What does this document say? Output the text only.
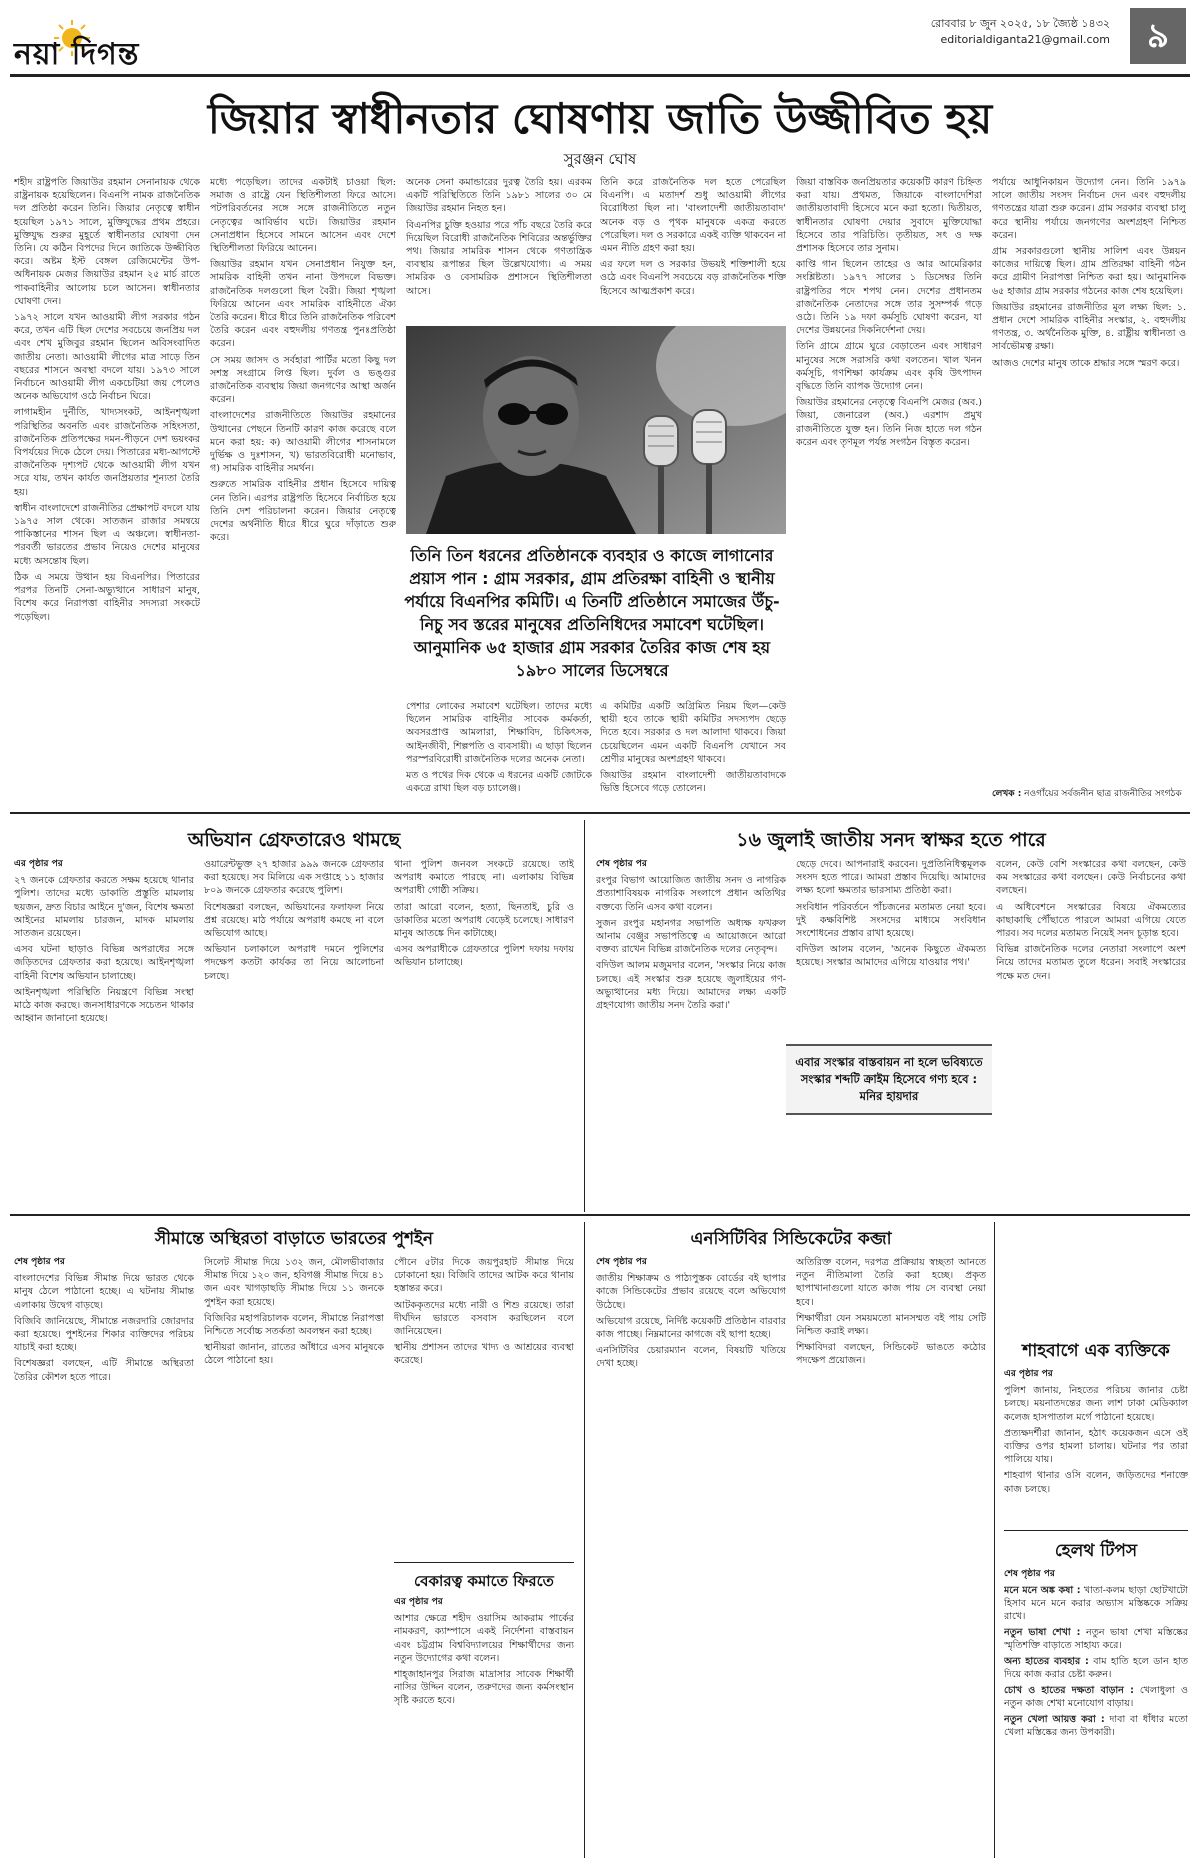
নয়া দিগন্ত
রোববার ৮ জুন ২০২৫, ১৮ জ্যৈষ্ঠ ১৪৩২
editorialdiganta21@gmail.com	৯
জিয়ার স্বাধীনতার ঘোষণায় জাতি উজ্জীবিত হয়
সুরঞ্জন ঘোষ

শহীদ রাষ্ট্রপতি জিয়াউর রহমান সেনানায়ক থেকে রাষ্ট্রনায়ক হয়েছিলেন। বিএনপি নামক রাজনৈতিক দল প্রতিষ্ঠা করেন তিনি। জিয়ার নেতৃত্বে স্বাধীন হয়েছিল ১৯৭১ সালে, মুক্তিযুদ্ধের প্রথম প্রহরে। মুক্তিযুদ্ধ শুরুর মুহূর্তে স্বাধীনতার ঘোষণা দেন তিনি। যে কঠিন বিপদের দিনে জাতিকে উজ্জীবিত করে। অষ্টম ইস্ট বেঙ্গল রেজিমেন্টের উপ-অধিনায়ক মেজর জিয়াউর রহমান ২৫ মার্চ রাতে পাকবাহিনীর আলোয় চলে আসেন। স্বাধীনতার ঘোষণা দেন।

১৯৭২ সালে যখন আওয়ামী লীগ সরকার গঠন করে, তখন এটি ছিল দেশের সবচেয়ে জনপ্রিয় দল এবং শেখ মুজিবুর রহমান ছিলেন অবিসংবাদিত জাতীয় নেতা। আওয়ামী লীগের মাত্র সাড়ে তিন বছরের শাসনে অবস্থা বদলে যায়। ১৯৭৩ সালে নির্বাচনে আওয়ামী লীগ একচেটিয়া জয় পেলেও অনেক অভিযোগ ওঠে নির্বাচন ঘিরে।

লাগামহীন দুর্নীতি, খাদ্যসংকট, আইনশৃঙ্খলা পরিস্থিতির অবনতি এবং রাজনৈতিক সহিংসতা, রাজনৈতিক প্রতিপক্ষের দমন-পীড়নে দেশ ভয়ংকর বিপর্যয়ের দিকে ঠেলে দেয়। পিতারের মধ্য-আগস্টে রাজনৈতিক দৃশ্যপট থেকে আওয়ামী লীগ যখন সরে যায়, তখন কার্যত জনপ্রিয়তার শূন্যতা তৈরি হয়।

স্বাধীন বাংলাদেশে রাজনীতির প্রেক্ষাপট বদলে যায় ১৯৭৫ সাল থেকে। সাতজন রাজার সমন্বয়ে পাকিস্তানের শাসন ছিল এ অঞ্চলে। স্বাধীনতা-পরবর্তী ভারতের প্রভাব নিয়েও দেশের মানুষের মধ্যে অসন্তোষ ছিল।

ঠিক এ সময়ে উত্থান হয় বিএনপির। পিতারের পরপর তিনটি সেনা-অভ্যুত্থানে সাধারণ মানুষ, বিশেষ করে নিরাপত্তা বাহিনীর সদস্যরা সংকটে পড়েছিল।

মধ্যে পড়েছিল। তাদের একটাই চাওয়া ছিল: সমাজ ও রাষ্ট্রে যেন স্থিতিশীলতা ফিরে আসে। পটপরিবর্তনের সঙ্গে সঙ্গে রাজনীতিতে নতুন নেতৃত্বের আবির্ভাব ঘটে। জিয়াউর রহমান সেনাপ্রধান হিসেবে সামনে আসেন এবং দেশে স্থিতিশীলতা ফিরিয়ে আনেন।

জিয়াউর রহমান যখন সেনাপ্রধান নিযুক্ত হন, সামরিক বাহিনী তখন নানা উপদলে বিভক্ত। রাজনৈতিক দলগুলো ছিল বৈরী। জিয়া শৃঙ্খলা ফিরিয়ে আনেন এবং সামরিক বাহিনীতে ঐক্য তৈরি করেন। ধীরে ধীরে তিনি রাজনৈতিক পরিবেশ তৈরি করেন এবং বহুদলীয় গণতন্ত্র পুনঃপ্রতিষ্ঠা করেন।

সে সময় জাসদ ও সর্বহারা পার্টির মতো কিছু দল সশস্ত্র সংগ্রামে লিপ্ত ছিল। দুর্বল ও ভঙ্গুর রাজনৈতিক ব্যবস্থায় জিয়া জনগণের আস্থা অর্জন করেন।

বাংলাদেশের রাজনীতিতে জিয়াউর রহমানের উত্থানের পেছনে তিনটি কারণ কাজ করেছে বলে মনে করা হয়: ক) আওয়ামী লীগের শাসনামলে দুর্ভিক্ষ ও দুঃশাসন, খ) ভারতবিরোধী মনোভাব, গ) সামরিক বাহিনীর সমর্থন।

শুরুতে সামরিক বাহিনীর প্রধান হিসেবে দায়িত্ব নেন তিনি। এরপর রাষ্ট্রপতি হিসেবে নির্বাচিত হয়ে তিনি দেশ পরিচালনা করেন। জিয়ার নেতৃত্বে দেশের অর্থনীতি ধীরে ধীরে ঘুরে দাঁড়াতে শুরু করে।

অনেক সেনা কমান্ডারের দুরত্ব তৈরি হয়। এরকম একটি পরিস্থিতিতে তিনি ১৯৮১ সালের ৩০ মে জিয়াউর রহমান নিহত হন।

বিএনপির চুক্তি হওয়ার পরে পাঁচ বছরে তৈরি করে দিয়েছিল বিরোধী রাজনৈতিক শিবিরের অন্তর্ভুক্তির পথ। জিয়ার সামরিক শাসন থেকে গণতান্ত্রিক ব্যবস্থায় রূপান্তর ছিল উল্লেখযোগ্য। এ সময় সামরিক ও বেসামরিক প্রশাসনে স্থিতিশীলতা আসে।

তিনি করে রাজনৈতিক দল হতে পেরেছিল বিএনপি। এ মতাদর্শ শুধু আওয়ামী লীগের বিরোধিতা ছিল না। 'বাংলাদেশী জাতীয়তাবাদ' অনেক বড় ও পৃথক মানুষকে একত্র করতে পেরেছিল। দল ও সরকারে একই ব্যক্তি থাকবেন না এমন নীতি গ্রহণ করা হয়।

এর ফলে দল ও সরকার উভয়ই শক্তিশালী হয়ে ওঠে এবং বিএনপি সবচেয়ে বড় রাজনৈতিক শক্তি হিসেবে আত্মপ্রকাশ করে।

তিনি তিন ধরনের প্রতিষ্ঠানকে ব্যবহার ও কাজে লাগানোর প্রয়াস পান : গ্রাম সরকার, গ্রাম প্রতিরক্ষা বাহিনী ও স্থানীয় পর্যায়ে বিএনপির কমিটি। এ তিনটি প্রতিষ্ঠানে সমাজের উঁচু-নিচু সব স্তরের মানুষের প্রতিনিধিদের সমাবেশ ঘটেছিল। আনুমানিক ৬৫ হাজার গ্রাম সরকার তৈরির কাজ শেষ হয় ১৯৮০ সালের ডিসেম্বরে

পেশার লোকের সমাবেশ ঘটেছিল। তাদের মধ্যে ছিলেন সামরিক বাহিনীর সাবেক কর্মকর্তা, অবসরপ্রাপ্ত আমলারা, শিক্ষাবিদ, চিকিৎসক, আইনজীবী, শিল্পপতি ও ব্যবসায়ী। এ ছাড়া ছিলেন পরস্পরবিরোধী রাজনৈতিক দলের অনেক নেতা।

মত ও পথের দিক থেকে এ ধরনের একটি জোটকে একত্রে রাখা ছিল বড় চ্যালেঞ্জ।

এ কমিটির একটি অগ্রিমিত নিয়ম ছিল—কেউ স্থায়ী হবে তাকে স্থায়ী কমিটির সদস্যপদ ছেড়ে দিতে হবে। সরকার ও দল আলাদা থাকবে। জিয়া চেয়েছিলেন এমন একটি বিএনপি যেখানে সব শ্রেণীর মানুষের অংশগ্রহণ থাকবে।

জিয়াউর রহমান বাংলাদেশী জাতীয়তাবাদকে ভিত্তি হিসেবে গড়ে তোলেন।

জিয়া বাস্তবিক জনপ্রিয়তার কয়েকটি কারণ চিহ্নিত করা যায়। প্রথমত, জিয়াকে বাংলাদেশিরা জাতীয়তাবাদী হিসেবে মনে করা হতো। দ্বিতীয়ত, স্বাধীনতার ঘোষণা দেয়ার সুবাদে মুক্তিযোদ্ধা হিসেবে তার পরিচিতি। তৃতীয়ত, সৎ ও দক্ষ প্রশাসক হিসেবে তার সুনাম।

কাপ্তি গান ছিলেন তাহের ও আর আমেরিকার সংশ্লিষ্টতা। ১৯৭৭ সালের ১ ডিসেম্বর তিনি রাষ্ট্রপতির পদে শপথ নেন। দেশের প্রধানতম রাজনৈতিক নেতাদের সঙ্গে তার সুসম্পর্ক গড়ে ওঠে। তিনি ১৯ দফা কর্মসূচি ঘোষণা করেন, যা দেশের উন্নয়নের দিকনির্দেশনা দেয়।

তিনি গ্রামে গ্রামে ঘুরে বেড়াতেন এবং সাধারণ মানুষের সঙ্গে সরাসরি কথা বলতেন। খাল খনন কর্মসূচি, গণশিক্ষা কার্যক্রম এবং কৃষি উৎপাদন বৃদ্ধিতে তিনি ব্যাপক উদ্যোগ নেন।

জিয়াউর রহমানের নেতৃত্বে বিএনপি মেজর (অব.) জিয়া, জেনারেল (অব.) এরশাদ প্রমুখ রাজনীতিতে যুক্ত হন। তিনি নিজ হাতে দল গঠন করেন এবং তৃণমূল পর্যন্ত সংগঠন বিস্তৃত করেন।

পর্যায়ে আধুনিকায়ন উদ্যোগ নেন। তিনি ১৯৭৯ সালে জাতীয় সংসদ নির্বাচন দেন এবং বহুদলীয় গণতন্ত্রের যাত্রা শুরু করেন। গ্রাম সরকার ব্যবস্থা চালু করে স্থানীয় পর্যায়ে জনগণের অংশগ্রহণ নিশ্চিত করেন।

গ্রাম সরকারগুলো স্থানীয় সালিশ এবং উন্নয়ন কাজের দায়িত্বে ছিল। গ্রাম প্রতিরক্ষা বাহিনী গঠন করে গ্রামীণ নিরাপত্তা নিশ্চিত করা হয়। আনুমানিক ৬৫ হাজার গ্রাম সরকার গঠনের কাজ শেষ হয়েছিল।

জিয়াউর রহমানের রাজনীতির মূল লক্ষ্য ছিল: ১. প্রধান দেশে সামরিক বাহিনীর সংস্কার, ২. বহুদলীয় গণতন্ত্র, ৩. অর্থনৈতিক মুক্তি, ৪. রাষ্ট্রীয় স্বাধীনতা ও সার্বভৌমত্ব রক্ষা।

আজও দেশের মানুষ তাকে শ্রদ্ধার সঙ্গে স্মরণ করে।

লেখক : নওগাঁয়ের সর্বজনীন ছাত্র রাজনীতির সংগঠক
অভিযান গ্রেফতারেও থামছে

এর পৃষ্ঠার পর

২৭ জনকে গ্রেফতার করতে সক্ষম হয়েছে থানার পুলিশ। তাদের মধ্যে ডাকাতি প্রস্তুতি মামলায় ছয়জন, দ্রুত বিচার আইনে দু'জন, বিশেষ ক্ষমতা আইনের মামলায় চারজন, মাদক মামলায় সাতজন রয়েছেন।

এসব ঘটনা ছাড়াও বিভিন্ন অপরাধের সঙ্গে জড়িতদের গ্রেফতার করা হয়েছে। আইনশৃঙ্খলা বাহিনী বিশেষ অভিযান চালাচ্ছে।

আইনশৃঙ্খলা পরিস্থিতি নিয়ন্ত্রণে বিভিন্ন সংস্থা মাঠে কাজ করছে। জনসাধারণকে সচেতন থাকার আহ্বান জানানো হয়েছে।

ওয়ারেন্টভুক্ত ২৭ হাজার ৯৯৯ জনকে গ্রেফতার করা হয়েছে। সব মিলিয়ে এক সপ্তাহে ১১ হাজার ৮০৯ জনকে গ্রেফতার করেছে পুলিশ।

বিশেষজ্ঞরা বলছেন, অভিযানের ফলাফল নিয়ে প্রশ্ন রয়েছে। মাঠ পর্যায়ে অপরাধ কমছে না বলে অভিযোগ আছে।

অভিযান চলাকালে অপরাধ দমনে পুলিশের পদক্ষেপ কতটা কার্যকর তা নিয়ে আলোচনা চলছে।

থানা পুলিশ জনবল সংকটে রয়েছে। তাই অপরাধ কমাতে পারছে না। এলাকায় বিভিন্ন অপরাধী গোষ্ঠী সক্রিয়।

তারা আরো বলেন, হত্যা, ছিনতাই, চুরি ও ডাকাতির মতো অপরাধ বেড়েই চলেছে। সাধারণ মানুষ আতঙ্কে দিন কাটাচ্ছে।

এসব অপরাধীকে গ্রেফতারে পুলিশ দফায় দফায় অভিযান চালাচ্ছে।

১৬ জুলাই জাতীয় সনদ স্বাক্ষর হতে পারে

শেষ পৃষ্ঠার পর

রংপুর বিভাগ আয়োজিত জাতীয় সনদ ও নাগরিক প্রত্যাশাবিষয়ক নাগরিক সংলাপে প্রধান অতিথির বক্তব্যে তিনি এসব কথা বলেন।

সুজন রংপুর মহানগর সভাপতি অধ্যক্ষ ফখরুল আনাম বেঞ্জুর সভাপতিত্বে এ আয়োজনে আরো বক্তব্য রাখেন বিভিন্ন রাজনৈতিক দলের নেতৃবৃন্দ।

বদিউল আলম মজুমদার বলেন, 'সংস্কার নিয়ে কাজ চলছে। এই সংস্কার শুরু হয়েছে জুলাইয়ের গণ-অভ্যুত্থানের মধ্য দিয়ে। আমাদের লক্ষ্য একটি গ্রহণযোগ্য জাতীয় সনদ তৈরি করা।'

ছেড়ে দেবে। আপনারাই করবেন। দুপ্রতিনিধিত্বমূলক সংসদ হতে পারে। আমরা প্রস্তাব দিয়েছি। আমাদের লক্ষ্য হলো ক্ষমতার ভারসাম্য প্রতিষ্ঠা করা।

সংবিধান পরিবর্তনে পাঁচজনের মতামত নেয়া হবে। দুই কক্ষবিশিষ্ট সংসদের মাধ্যমে সংবিধান সংশোধনের প্রস্তাব রাখা হয়েছে।

বদিউল আলম বলেন, 'অনেক কিছুতে ঐকমত্য হয়েছে। সংস্কার আমাদের এগিয়ে যাওয়ার পথ।'

বলেন, কেউ বেশি সংস্কারের কথা বলছেন, কেউ কম সংস্কারের কথা বলছেন। কেউ নির্বাচনের কথা বলছেন।

এ অধিবেশনে সংস্কারের বিষয়ে ঐকমত্যের কাছাকাছি পৌঁছাতে পারলে আমরা এগিয়ে যেতে পারব। সব দলের মতামত নিয়েই সনদ চূড়ান্ত হবে।

বিভিন্ন রাজনৈতিক দলের নেতারা সংলাপে অংশ নিয়ে তাদের মতামত তুলে ধরেন। সবাই সংস্কারের পক্ষে মত দেন।

এবার সংস্কার বাস্তবায়ন না হলে ভবিষ্যতে সংস্কার শব্দটি ক্রাইম হিসেবে গণ্য হবে : মনির হায়দার
সীমান্তে অস্থিরতা বাড়াতে ভারতের পুশইন

শেষ পৃষ্ঠার পর

বাংলাদেশের বিভিন্ন সীমান্ত দিয়ে ভারত থেকে মানুষ ঠেলে পাঠানো হচ্ছে। এ ঘটনায় সীমান্ত এলাকায় উদ্বেগ বাড়ছে।

বিজিবি জানিয়েছে, সীমান্তে নজরদারি জোরদার করা হয়েছে। পুশইনের শিকার ব্যক্তিদের পরিচয় যাচাই করা হচ্ছে।

বিশেষজ্ঞরা বলছেন, এটি সীমান্তে অস্থিরতা তৈরির কৌশল হতে পারে।

সিলেট সীমান্ত দিয়ে ১৩২ জন, মৌলভীবাজার সীমান্ত দিয়ে ১২০ জন, হবিগঞ্জ সীমান্ত দিয়ে ৪১ জন এবং খাগড়াছড়ি সীমান্ত দিয়ে ১১ জনকে পুশইন করা হয়েছে।

বিজিবির মহাপরিচালক বলেন, সীমান্তে নিরাপত্তা নিশ্চিতে সর্বোচ্চ সতর্কতা অবলম্বন করা হচ্ছে।

স্থানীয়রা জানান, রাতের আঁধারে এসব মানুষকে ঠেলে পাঠানো হয়।

পৌনে ৫টার দিকে জয়পুরহাট সীমান্ত দিয়ে ঢোকানো হয়। বিজিবি তাদের আটক করে থানায় হস্তান্তর করে।

আটককৃতদের মধ্যে নারী ও শিশু রয়েছে। তারা দীর্ঘদিন ভারতে বসবাস করছিলেন বলে জানিয়েছেন।

স্থানীয় প্রশাসন তাদের খাদ্য ও আশ্রয়ের ব্যবস্থা করেছে।

বেকারত্ব কমাতে ফিরতে

এর পৃষ্ঠার পর

আশার ক্ষেত্রে শহীদ ওয়াসিম আকরাম পার্কের নামকরণ, ক্যাম্পাসে একই নির্দেশনা বাস্তবায়ন এবং চট্টগ্রাম বিশ্ববিদ্যালয়ের শিক্ষার্থীদের জন্য নতুন উদ্যোগের কথা বলেন।

শাহ্জাহানপুর সিরাজ মাদ্রাসার সাবেক শিক্ষার্থী নাসির উদ্দিন বলেন, তরুণদের জন্য কর্মসংস্থান সৃষ্টি করতে হবে।

এনসিটিবির সিন্ডিকেটের কব্জা

শেষ পৃষ্ঠার পর

জাতীয় শিক্ষাক্রম ও পাঠ্যপুস্তক বোর্ডের বই ছাপার কাজে সিন্ডিকেটের প্রভাব রয়েছে বলে অভিযোগ উঠেছে।

অভিযোগ রয়েছে, নির্দিষ্ট কয়েকটি প্রতিষ্ঠান বারবার কাজ পাচ্ছে। নিম্নমানের কাগজে বই ছাপা হচ্ছে।

এনসিটিবির চেয়ারম্যান বলেন, বিষয়টি খতিয়ে দেখা হচ্ছে।

অতিরিক্ত বলেন, দরপত্র প্রক্রিয়ায় স্বচ্ছতা আনতে নতুন নীতিমালা তৈরি করা হচ্ছে। প্রকৃত ছাপাখানাগুলো যাতে কাজ পায় সে ব্যবস্থা নেয়া হবে।

শিক্ষার্থীরা যেন সময়মতো মানসম্মত বই পায় সেটি নিশ্চিত করাই লক্ষ্য।

শিক্ষাবিদরা বলছেন, সিন্ডিকেট ভাঙতে কঠোর পদক্ষেপ প্রয়োজন।	শাহবাগে এক ব্যক্তিকে

এর পৃষ্ঠার পর

পুলিশ জানায়, নিহতের পরিচয় জানার চেষ্টা চলছে। ময়নাতদন্তের জন্য লাশ ঢাকা মেডিক্যাল কলেজ হাসপাতাল মর্গে পাঠানো হয়েছে।

প্রত্যক্ষদর্শীরা জানান, হঠাৎ কয়েকজন এসে ওই ব্যক্তির ওপর হামলা চালায়। ঘটনার পর তারা পালিয়ে যায়।

শাহবাগ থানার ওসি বলেন, জড়িতদের শনাক্তে কাজ চলছে।

হেলথ টিপস

শেষ পৃষ্ঠার পর

মনে মনে অঙ্ক কষা : খাতা-কলম ছাড়া ছোটখাটো হিসাব মনে মনে করার অভ্যাস মস্তিষ্ককে সক্রিয় রাখে।

নতুন ভাষা শেখা : নতুন ভাষা শেখা মস্তিষ্কের স্মৃতিশক্তি বাড়াতে সাহায্য করে।

অন্য হাতের ব্যবহার : বাম হাতি হলে ডান হাত দিয়ে কাজ করার চেষ্টা করুন।

চোখ ও হাতের দক্ষতা বাড়ান : খেলাধুলা ও নতুন কাজ শেখা মনোযোগ বাড়ায়।

নতুন খেলা আয়ত্ত করা : দাবা বা ধাঁধার মতো খেলা মস্তিষ্কের জন্য উপকারী।
